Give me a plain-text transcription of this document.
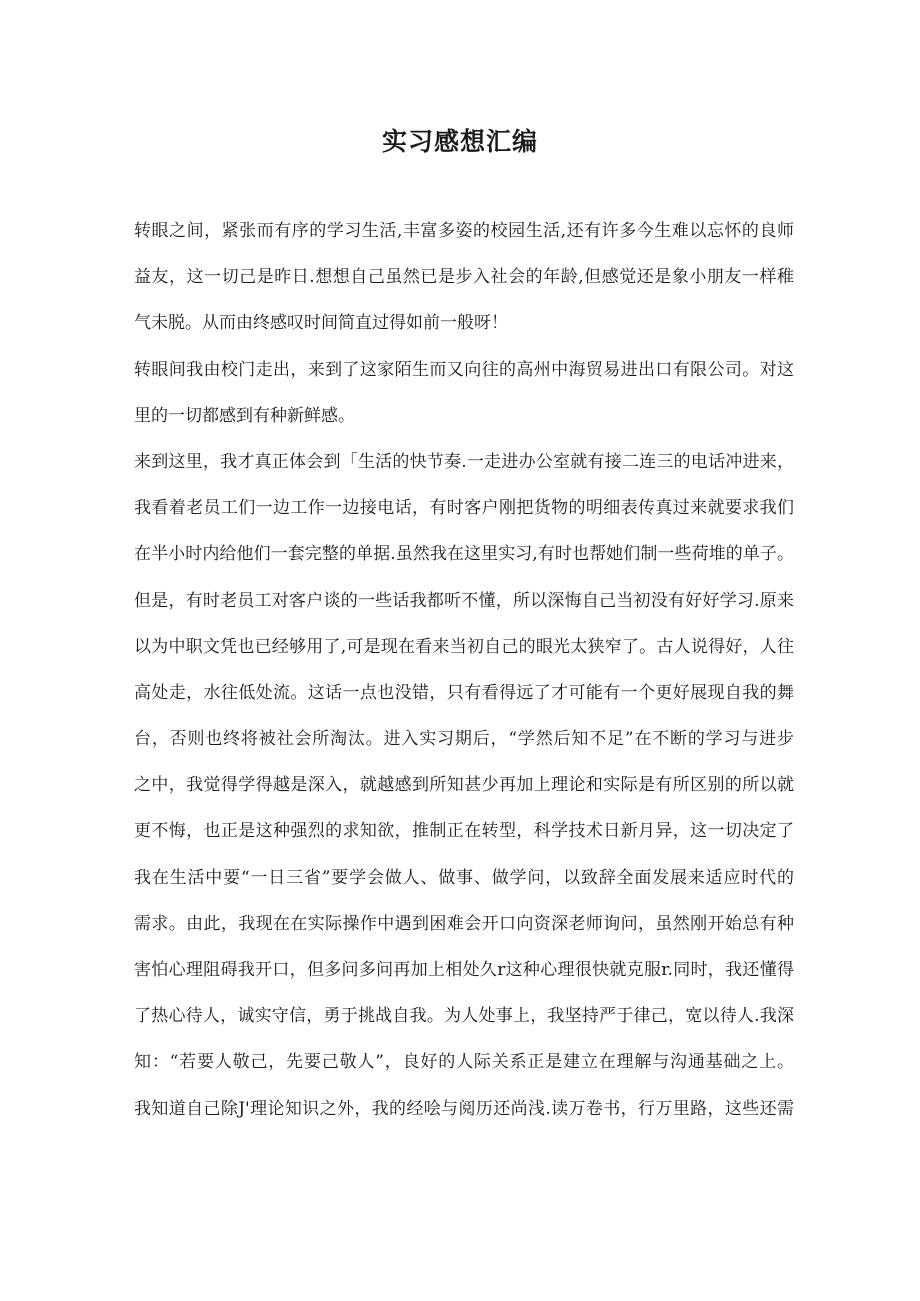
实习感想汇编
转眼之间，紧张而有序的学习生活,丰富多姿的校园生活,还有许多今生难以忘怀的良师
益友，这一切己是昨日.想想自己虽然已是步入社会的年龄,但感觉还是象小朋友一样稚
气未脱。从而由终感叹时间简直过得如前一般呀！
转眼间我由校门走出，来到了这家陌生而又向往的高州中海贸易进出口有限公司。对这
里的一切都感到有种新鲜感。
来到这里，我才真正体会到「生活的快节奏.一走进办公室就有接二连三的电话冲进来，
我看着老员工们一边工作一边接电话，有时客户刚把货物的明细表传真过来就要求我们
在半小时内给他们一套完整的单据.虽然我在这里实习,有时也帮她们制一些荷堆的单子。
但是，有时老员工对客户谈的一些话我都听不懂，所以深悔自己当初没有好好学习.原来
以为中职文凭也已经够用了,可是现在看来当初自己的眼光太狭窄了。古人说得好，人往
高处走，水往低处流。这话一点也没错，只有看得远了才可能有一个更好展现自我的舞
台，否则也终将被社会所淘汰。进入实习期后，“学然后知不足”在不断的学习与进步
之中，我觉得学得越是深入，就越感到所知甚少再加上理论和实际是有所区别的所以就
更不悔，也正是这种强烈的求知欲，推制正在转型，科学技术日新月异，这一切决定了
我在生活中要“一日三省”要学会做人、做事、做学问，以致辞全面发展来适应时代的
需求。由此，我现在在实际操作中遇到困难会开口向资深老师询问，虽然刚开始总有种
害怕心理阻碍我开口，但多问多问再加上相处久r这种心理很快就克服r.同时，我还懂得
了热心待人，诚实守信，勇于挑战自我。为人处事上，我坚持严于律己，宽以待人.我深
知：“若要人敬己，先要己敬人”，良好的人际关系正是建立在理解与沟通基础之上。
我知道自己除J'理论知识之外，我的经哙与阅历还尚浅.读万卷书，行万里路，这些还需
